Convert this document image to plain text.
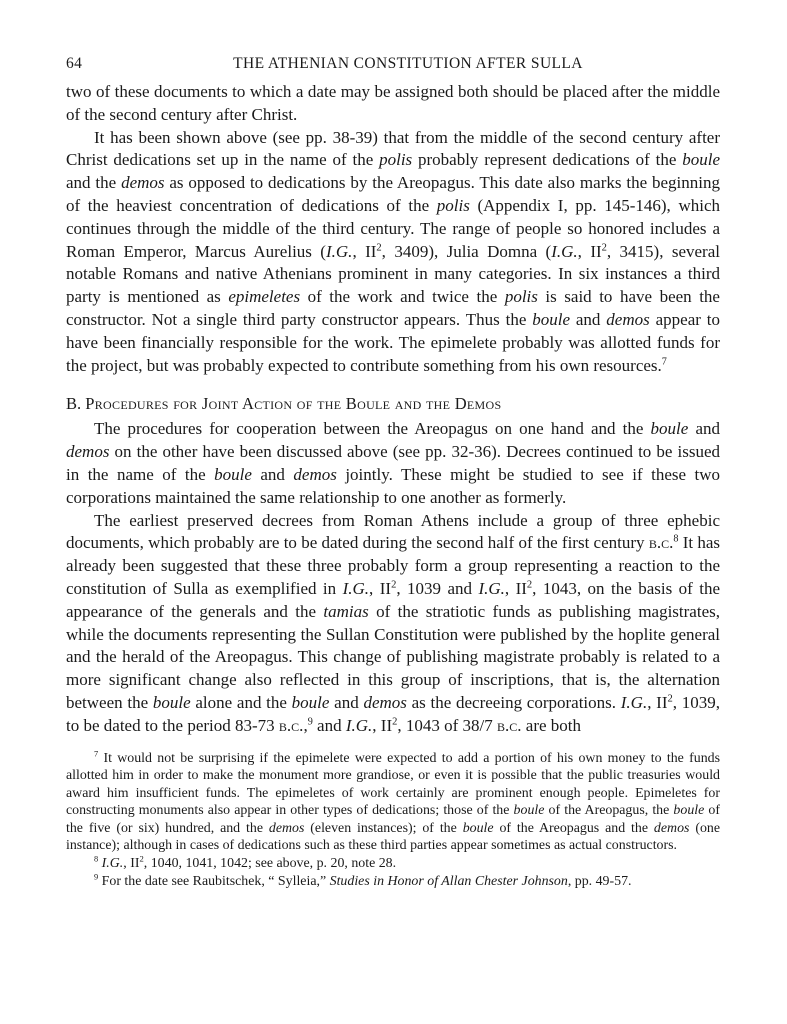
64	THE ATHENIAN CONSTITUTION AFTER SULLA

two of these documents to which a date may be assigned both should be placed after the middle of the second century after Christ.

It has been shown above (see pp. 38-39) that from the middle of the second century after Christ dedications set up in the name of the polis probably represent dedications of the boule and the demos as opposed to dedications by the Areopagus. This date also marks the beginning of the heaviest concentration of dedications of the polis (Appendix I, pp. 145-146), which continues through the middle of the third century. The range of people so honored includes a Roman Emperor, Marcus Aurelius (I.G., $II^2$, 3409), Julia Domna (I.G., $II^2$, 3415), several notable Romans and native Athenians prominent in many categories. In six instances a third party is mentioned as epimeletes of the work and twice the polis is said to have been the constructor. Not a single third party constructor appears. Thus the boule and demos appear to have been financially responsible for the work. The epimelete probably was allotted funds for the project, but was probably expected to contribute something from his own resources.$^7$

B. Procedures for Joint Action of the Boule and the Demos

The procedures for cooperation between the Areopagus on one hand and the boule and demos on the other have been discussed above (see pp. 32-36). Decrees continued to be issued in the name of the boule and demos jointly. These might be studied to see if these two corporations maintained the same relationship to one another as formerly.

The earliest preserved decrees from Roman Athens include a group of three ephebic documents, which probably are to be dated during the second half of the first century b.c.$^8$ It has already been suggested that these three probably form a group representing a reaction to the constitution of Sulla as exemplified in I.G., $II^2$, 1039 and I.G., $II^2$, 1043, on the basis of the appearance of the generals and the tamias of the stratiotic funds as publishing magistrates, while the documents representing the Sullan Constitution were published by the hoplite general and the herald of the Areopagus. This change of publishing magistrate probably is related to a more significant change also reflected in this group of inscriptions, that is, the alternation between the boule alone and the boule and demos as the decreeing corporations. I.G., $II^2$, 1039, to be dated to the period 83-73 b.c.,$^9$ and I.G., $II^2$, 1043 of 38/7 b.c. are both

$^7$ It would not be surprising if the epimelete were expected to add a portion of his own money to the funds allotted him in order to make the monument more grandiose, or even it is possible that the public treasuries would award him insufficient funds. The epimeletes of work certainly are prominent enough people. Epimeletes for constructing monuments also appear in other types of dedications; those of the boule of the Areopagus, the boule of the five (or six) hundred, and the demos (eleven instances); of the boule of the Areopagus and the demos (one instance); although in cases of dedications such as these third parties appear sometimes as actual constructors.

$^8$ I.G., $II^2$, 1040, 1041, 1042; see above, p. 20, note 28.

$^9$ For the date see Raubitschek, “ Sylleia,” Studies in Honor of Allan Chester Johnson, pp. 49-57.
